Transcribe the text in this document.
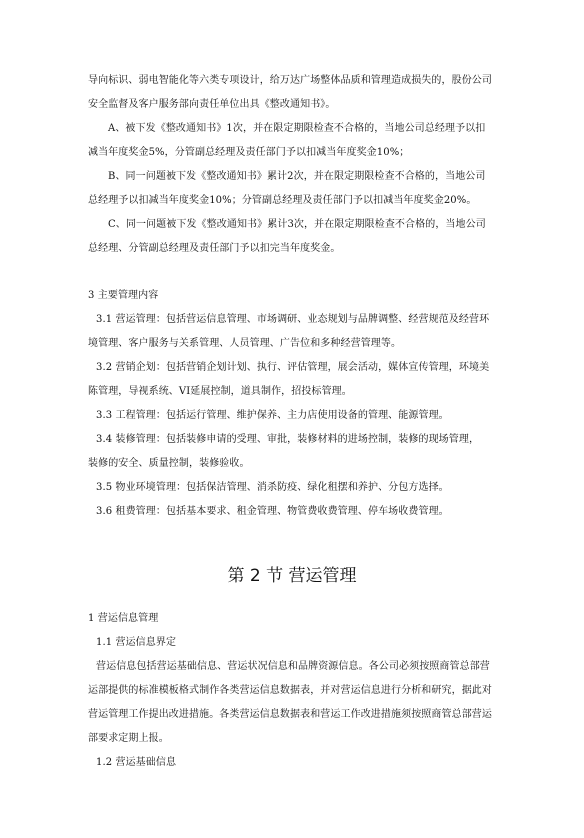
导向标识、弱电智能化等六类专项设计，给万达广场整体品质和管理造成损失的，股份公司
安全监督及客户服务部向责任单位出具《整改通知书》。
A、被下发《整改通知书》1次，并在限定期限检查不合格的，当地公司总经理予以扣
减当年度奖金5%，分管副总经理及责任部门予以扣减当年度奖金10%；
B、同一问题被下发《整改通知书》累计2次，并在限定期限检查不合格的，当地公司
总经理予以扣减当年度奖金10%；分管副总经理及责任部门予以扣减当年度奖金20%。
C、同一问题被下发《整改通知书》累计3次，并在限定期限检查不合格的，当地公司
总经理、分管副总经理及责任部门予以扣完当年度奖金。
3 主要管理内容
3.1 营运管理：包括营运信息管理、市场调研、业态规划与品牌调整、经营规范及经营环
境管理、客户服务与关系管理、人员管理、广告位和多种经营管理等。
3.2 营销企划：包括营销企划计划、执行、评估管理，展会活动，媒体宣传管理，环境美
陈管理，导视系统、VI延展控制，道具制作，招投标管理。
3.3 工程管理：包括运行管理、维护保养、主力店使用设备的管理、能源管理。
3.4 装修管理：包括装修申请的受理、审批，装修材料的进场控制，装修的现场管理，
装修的安全、质量控制，装修验收。
3.5 物业环境管理：包括保洁管理、消杀防疫、绿化租摆和养护、分包方选择。
3.6 租费管理：包括基本要求、租金管理、物管费收费管理、停车场收费管理。
第 2 节 营运管理
1 营运信息管理
1.1 营运信息界定
营运信息包括营运基础信息、营运状况信息和品牌资源信息。各公司必须按照商管总部营
运部提供的标准模板格式制作各类营运信息数据表，并对营运信息进行分析和研究，据此对
营运管理工作提出改进措施。各类营运信息数据表和营运工作改进措施须按照商管总部营运
部要求定期上报。
1.2 营运基础信息
